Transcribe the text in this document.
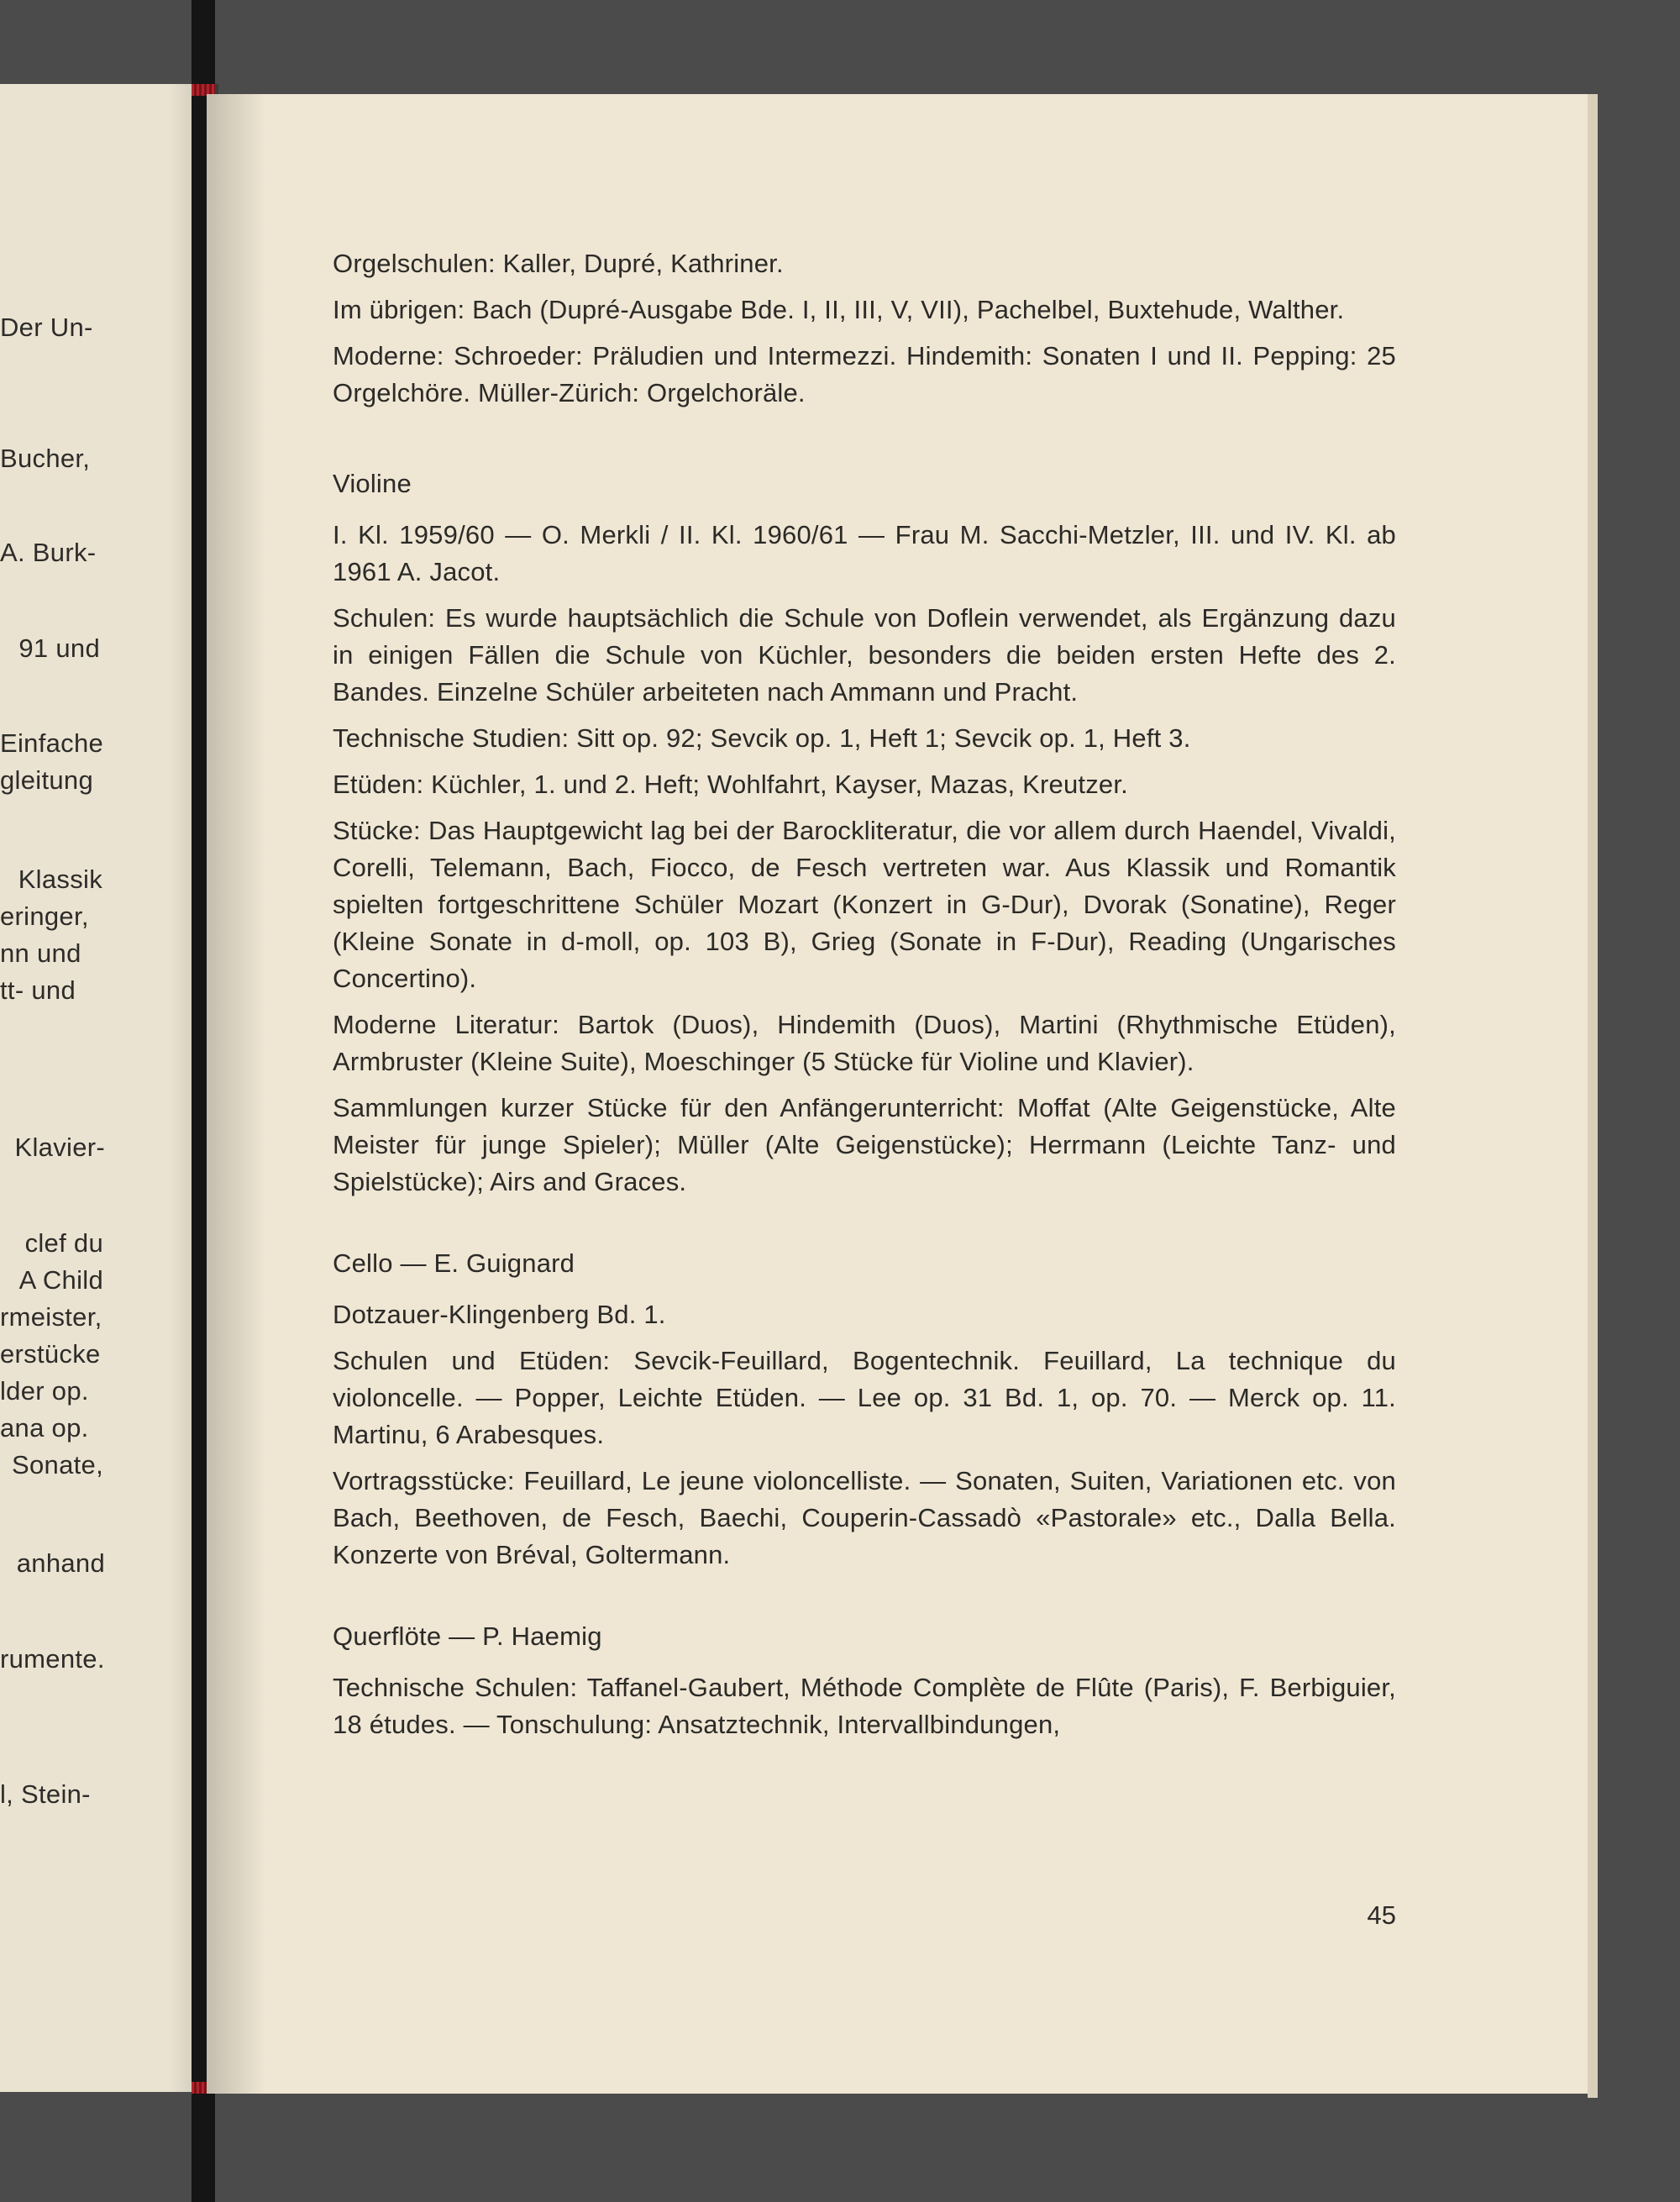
Der Un-
Bucher,
A. Burk-
91 und
Einfache
gleitung
Klassik
eringer,
nn und
tt- und
Klavier-
clef du
A Child
rmeister,
erstücke
lder op.
ana op.
Sonate,
anhand
rumente.
l, Stein-

Orgelschulen: Kaller, Dupré, Kathriner.

Im übrigen: Bach (Dupré-Ausgabe Bde. I, II, III, V, VII), Pachelbel, Buxtehude, Walther.

Moderne: Schroeder: Präludien und Intermezzi. Hindemith: Sonaten I und II. Pepping: 25 Orgelchöre. Müller-Zürich: Orgelchoräle.

Violine

I. Kl. 1959/60 — O. Merkli / II. Kl. 1960/61 — Frau M. Sacchi-Metzler, III. und IV. Kl. ab 1961 A. Jacot.

Schulen: Es wurde hauptsächlich die Schule von Doflein verwendet, als Ergänzung dazu in einigen Fällen die Schule von Küchler, besonders die beiden ersten Hefte des 2. Bandes. Einzelne Schüler arbeiteten nach Ammann und Pracht.

Technische Studien: Sitt op. 92; Sevcik op. 1, Heft 1; Sevcik op. 1, Heft 3.

Etüden: Küchler, 1. und 2. Heft; Wohlfahrt, Kayser, Mazas, Kreutzer.

Stücke: Das Hauptgewicht lag bei der Barockliteratur, die vor allem durch Haendel, Vivaldi, Corelli, Telemann, Bach, Fiocco, de Fesch vertreten war. Aus Klassik und Romantik spielten fortgeschrittene Schüler Mozart (Konzert in G-Dur), Dvorak (Sonatine), Reger (Kleine Sonate in d-moll, op. 103 B), Grieg (Sonate in F-Dur), Reading (Ungarisches Concertino).

Moderne Literatur: Bartok (Duos), Hindemith (Duos), Martini (Rhythmische Etüden), Armbruster (Kleine Suite), Moeschinger (5 Stücke für Violine und Klavier).

Sammlungen kurzer Stücke für den Anfängerunterricht: Moffat (Alte Geigenstücke, Alte Meister für junge Spieler); Müller (Alte Geigenstücke); Herrmann (Leichte Tanz- und Spielstücke); Airs and Graces.

Cello — E. Guignard

Dotzauer-Klingenberg Bd. 1.

Schulen und Etüden: Sevcik-Feuillard, Bogentechnik. Feuillard, La technique du violoncelle. — Popper, Leichte Etüden. — Lee op. 31 Bd. 1, op. 70. — Merck op. 11. Martinu, 6 Arabesques.

Vortragsstücke: Feuillard, Le jeune violoncelliste. — Sonaten, Suiten, Variationen etc. von Bach, Beethoven, de Fesch, Baechi, Couperin-Cassadò «Pastorale» etc., Dalla Bella. Konzerte von Bréval, Goltermann.

Querflöte — P. Haemig

Technische Schulen: Taffanel-Gaubert, Méthode Complète de Flûte (Paris), F. Berbiguier, 18 études. — Tonschulung: Ansatztechnik, Intervallbindungen,

45
